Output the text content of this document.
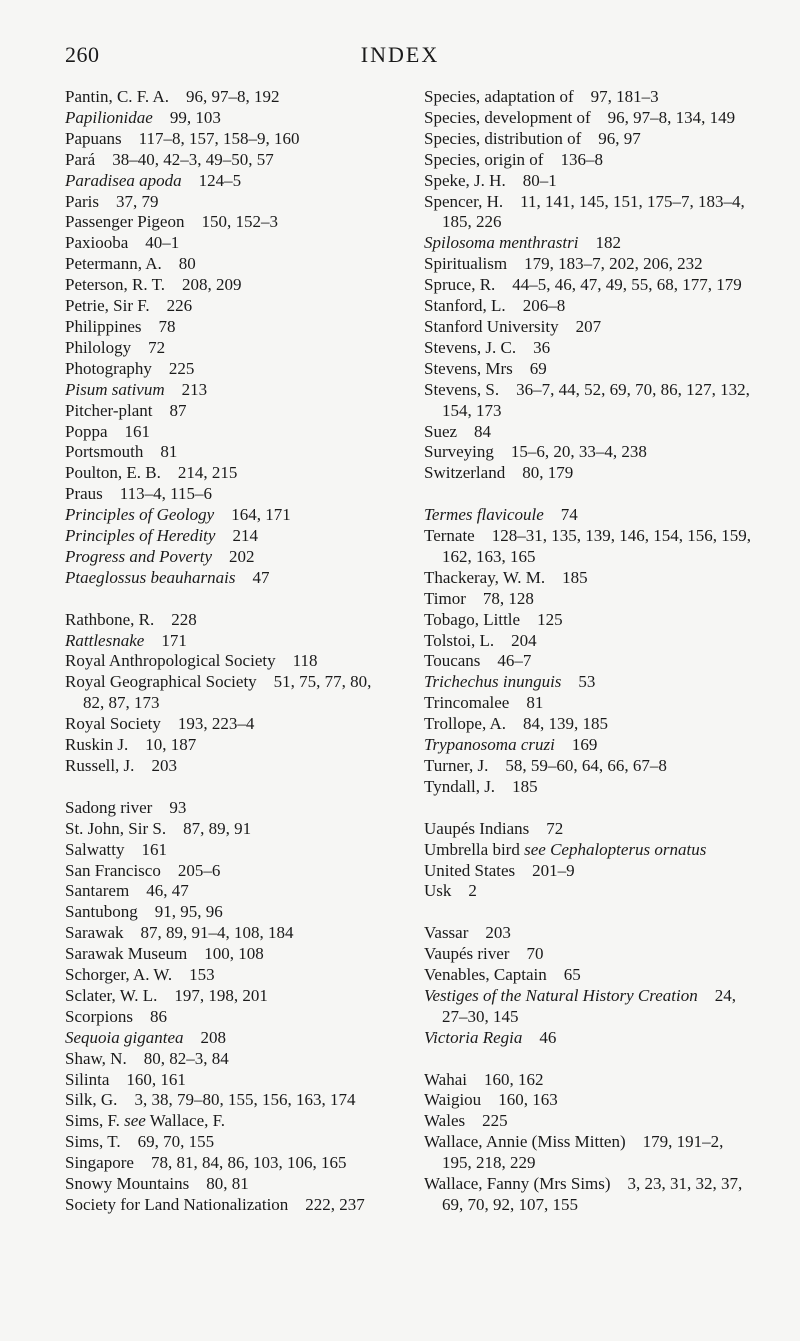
260	INDEX
Pantin, C. F. A.  96, 97–8, 192
Papilionidae  99, 103
Papuans  117–8, 157, 158–9, 160
Pará  38–40, 42–3, 49–50, 57
Paradisea apoda  124–5
Paris  37, 79
Passenger Pigeon  150, 152–3
Paxiooba  40–1
Petermann, A.  80
Peterson, R. T.  208, 209
Petrie, Sir F.  226
Philippines  78
Philology  72
Photography  225
Pisum sativum  213
Pitcher-plant  87
Poppa  161
Portsmouth  81
Poulton, E. B.  214, 215
Praus  113–4, 115–6
Principles of Geology  164, 171
Principles of Heredity  214
Progress and Poverty  202
Ptaeglossus beauharnais  47
Rathbone, R.  228
Rattlesnake  171
Royal Anthropological Society  118
Royal Geographical Society  51, 75, 77, 80, 82, 87, 173
Royal Society  193, 223–4
Ruskin J.  10, 187
Russell, J.  203
Sadong river  93
St. John, Sir S.  87, 89, 91
Salwatty  161
San Francisco  205–6
Santarem  46, 47
Santubong  91, 95, 96
Sarawak  87, 89, 91–4, 108, 184
Sarawak Museum  100, 108
Schorger, A. W.  153
Sclater, W. L.  197, 198, 201
Scorpions  86
Sequoia gigantea  208
Shaw, N.  80, 82–3, 84
Silinta  160, 161
Silk, G.  3, 38, 79–80, 155, 156, 163, 174
Sims, F. see Wallace, F.
Sims, T.  69, 70, 155
Singapore  78, 81, 84, 86, 103, 106, 165
Snowy Mountains  80, 81
Society for Land Nationalization  222, 237
Species, adaptation of  97, 181–3
Species, development of  96, 97–8, 134, 149
Species, distribution of  96, 97
Species, origin of  136–8
Speke, J. H.  80–1
Spencer, H.  11, 141, 145, 151, 175–7, 183–4, 185, 226
Spilosoma menthrastri  182
Spiritualism  179, 183–7, 202, 206, 232
Spruce, R.  44–5, 46, 47, 49, 55, 68, 177, 179
Stanford, L.  206–8
Stanford University  207
Stevens, J. C.  36
Stevens, Mrs  69
Stevens, S.  36–7, 44, 52, 69, 70, 86, 127, 132, 154, 173
Suez  84
Surveying  15–6, 20, 33–4, 238
Switzerland  80, 179
Termes flavicoule  74
Ternate  128–31, 135, 139, 146, 154, 156, 159, 162, 163, 165
Thackeray, W. M.  185
Timor  78, 128
Tobago, Little  125
Tolstoi, L.  204
Toucans  46–7
Trichechus inunguis  53
Trincomalee  81
Trollope, A.  84, 139, 185
Trypanosoma cruzi  169
Turner, J.  58, 59–60, 64, 66, 67–8
Tyndall, J.  185
Uaupés Indians  72
Umbrella bird see Cephalopterus ornatus
United States  201–9
Usk  2
Vassar  203
Vaupés river  70
Venables, Captain  65
Vestiges of the Natural History Creation  24, 27–30, 145
Victoria Regia  46
Wahai  160, 162
Waigiou  160, 163
Wales  225
Wallace, Annie (Miss Mitten)  179, 191–2, 195, 218, 229
Wallace, Fanny (Mrs Sims)  3, 23, 31, 32, 37, 69, 70, 92, 107, 155
